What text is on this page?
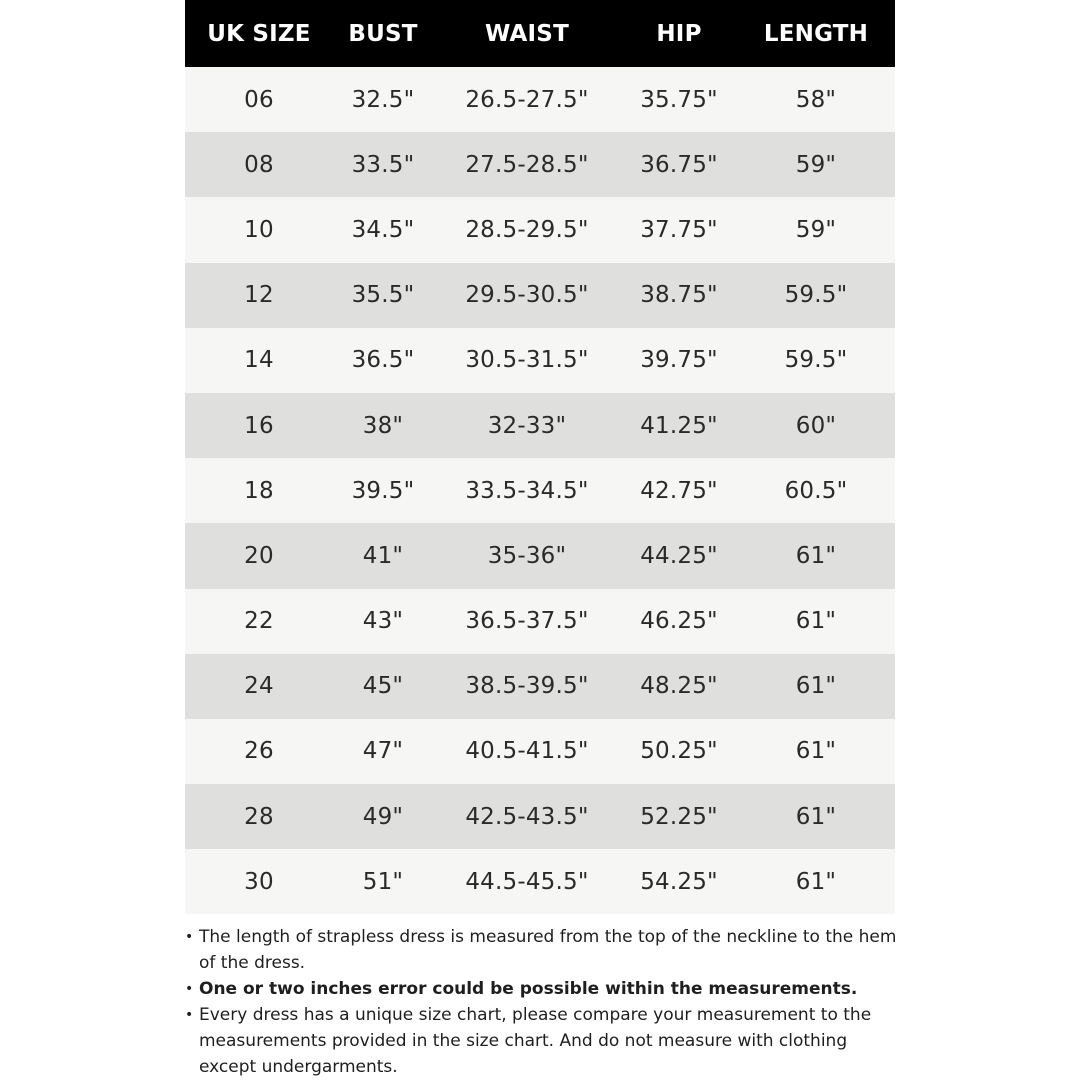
UK SIZE	BUST	WAIST	HIP	LENGTH
06	32.5"	26.5-27.5"	35.75"	58"
08	33.5"	27.5-28.5"	36.75"	59"
10	34.5"	28.5-29.5"	37.75"	59"
12	35.5"	29.5-30.5"	38.75"	59.5"
14	36.5"	30.5-31.5"	39.75"	59.5"
16	38"	32-33"	41.25"	60"
18	39.5"	33.5-34.5"	42.75"	60.5"
20	41"	35-36"	44.25"	61"
22	43"	36.5-37.5"	46.25"	61"
24	45"	38.5-39.5"	48.25"	61"
26	47"	40.5-41.5"	50.25"	61"
28	49"	42.5-43.5"	52.25"	61"
30	51"	44.5-45.5"	54.25"	61"
• The length of strapless dress is measured from the top of the neckline to the hem of the dress.
• One or two inches error could be possible within the measurements.
• Every dress has a unique size chart, please compare your measurement to the measurements provided in the size chart. And do not measure with clothing except undergarments.
